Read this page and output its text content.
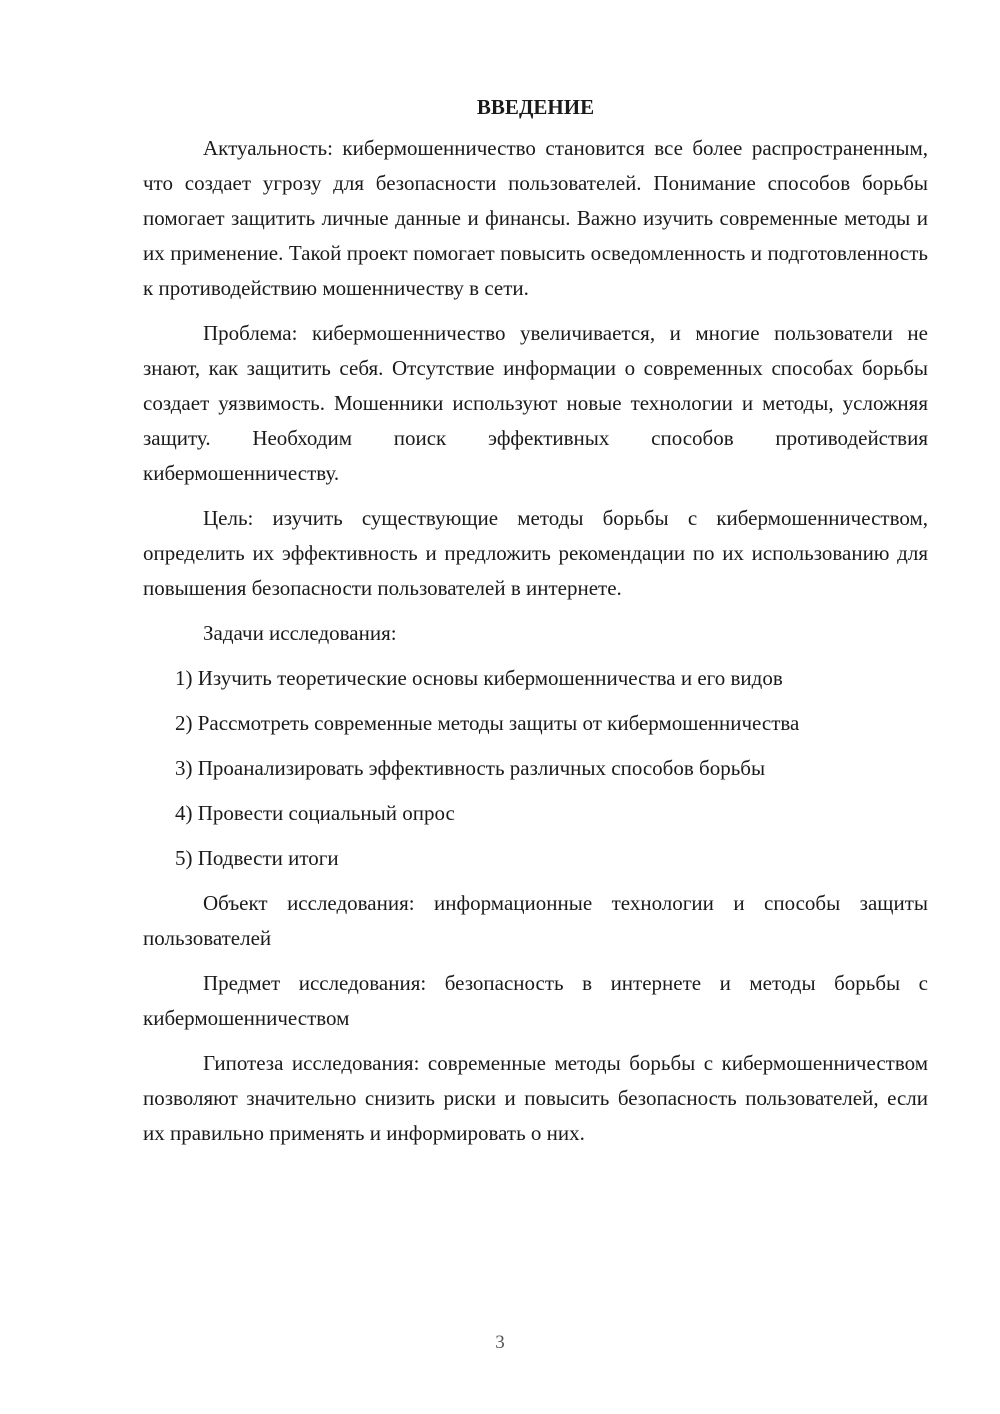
ВВЕДЕНИЕ

Актуальность: кибермошенничество становится все более распространенным, что создает угрозу для безопасности пользователей. Понимание способов борьбы помогает защитить личные данные и финансы. Важно изучить современные методы и их применение. Такой проект помогает повысить осведомленность и подготовленность к противодействию мошенничеству в сети.

Проблема: кибермошенничество увеличивается, и многие пользователи не знают, как защитить себя. Отсутствие информации о современных способах борьбы создает уязвимость. Мошенники используют новые технологии и методы, усложняя защиту. Необходим поиск эффективных способов противодействия кибермошенничеству.

Цель: изучить существующие методы борьбы с кибермошенничеством, определить их эффективность и предложить рекомендации по их использованию для повышения безопасности пользователей в интернете.

Задачи исследования:

1) Изучить теоретические основы кибермошенничества и его видов

2) Рассмотреть современные методы защиты от кибермошенничества

3) Проанализировать эффективность различных способов борьбы

4) Провести социальный опрос

5) Подвести итоги

Объект исследования: информационные технологии и способы защиты пользователей

Предмет исследования: безопасность в интернете и методы борьбы с кибермошенничеством

Гипотеза исследования: современные методы борьбы с кибермошенничеством позволяют значительно снизить риски и повысить безопасность пользователей, если их правильно применять и информировать о них.

3
